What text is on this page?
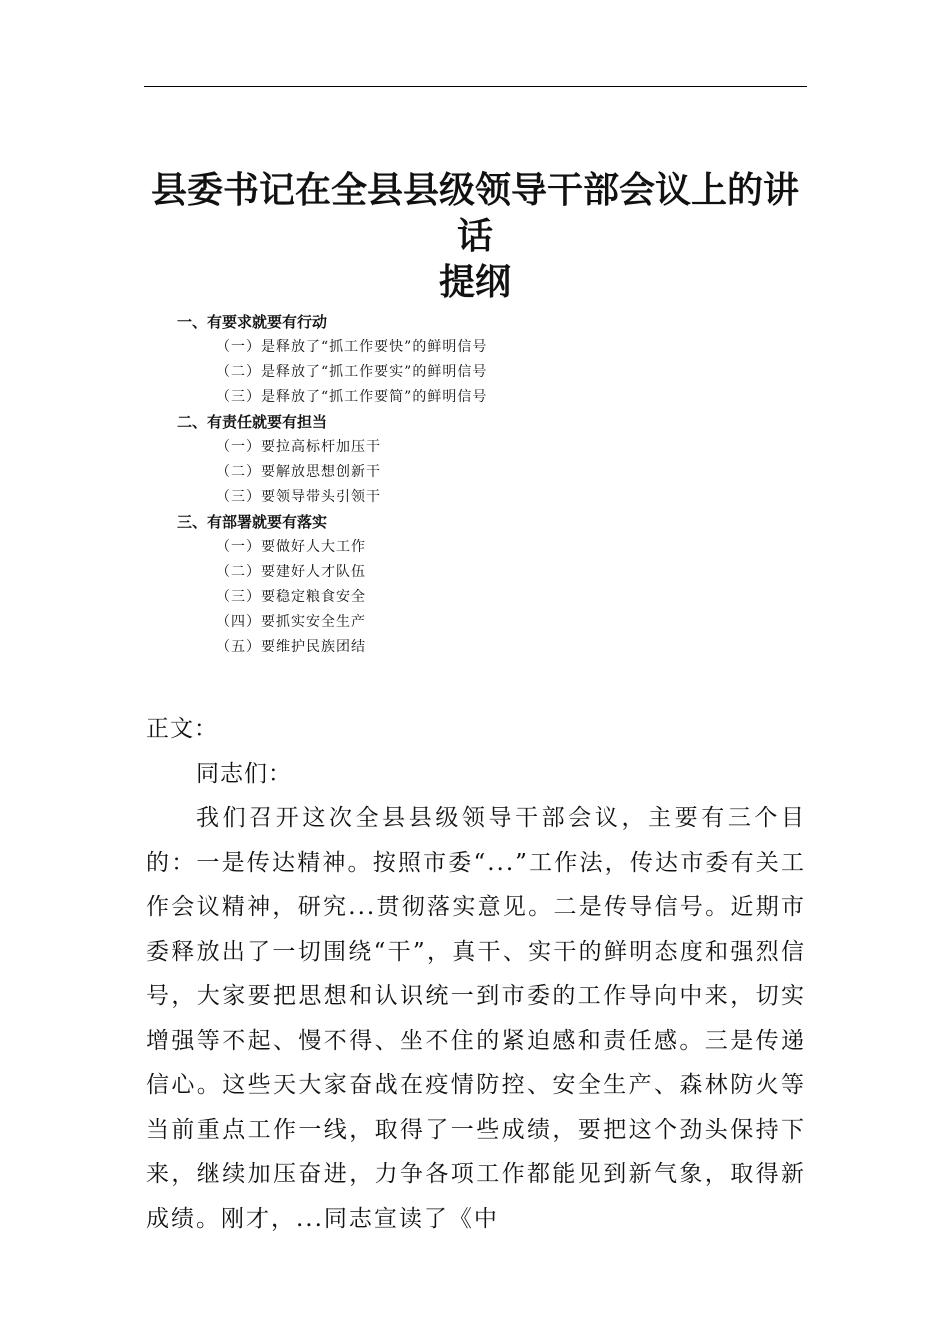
县委书记在全县县级领导干部会议上的讲
话
提纲
一、有要求就要有行动
（一）是释放了“抓工作要快”的鲜明信号
（二）是释放了“抓工作要实”的鲜明信号
（三）是释放了“抓工作要简”的鲜明信号
二、有责任就要有担当
（一）要拉高标杆加压干
（二）要解放思想创新干
（三）要领导带头引领干
三、有部署就要有落实
（一）要做好人大工作
（二）要建好人才队伍
（三）要稳定粮食安全
（四）要抓实安全生产
（五）要维护民族团结

正文：

同志们：

我们召开这次全县县级领导干部会议，主要有三个目的：一是传达精神。按照市委“...”工作法，传达市委有关工作会议精神，研究...贯彻落实意见。二是传导信号。近期市委释放出了一切围绕“干”，真干、实干的鲜明态度和强烈信号，大家要把思想和认识统一到市委的工作导向中来，切实增强等不起、慢不得、坐不住的紧迫感和责任感。三是传递信心。这些天大家奋战在疫情防控、安全生产、森林防火等当前重点工作一线，取得了一些成绩，要把这个劲头保持下来，继续加压奋进，力争各项工作都能见到新气象，取得新成绩。刚才，...同志宣读了《中
